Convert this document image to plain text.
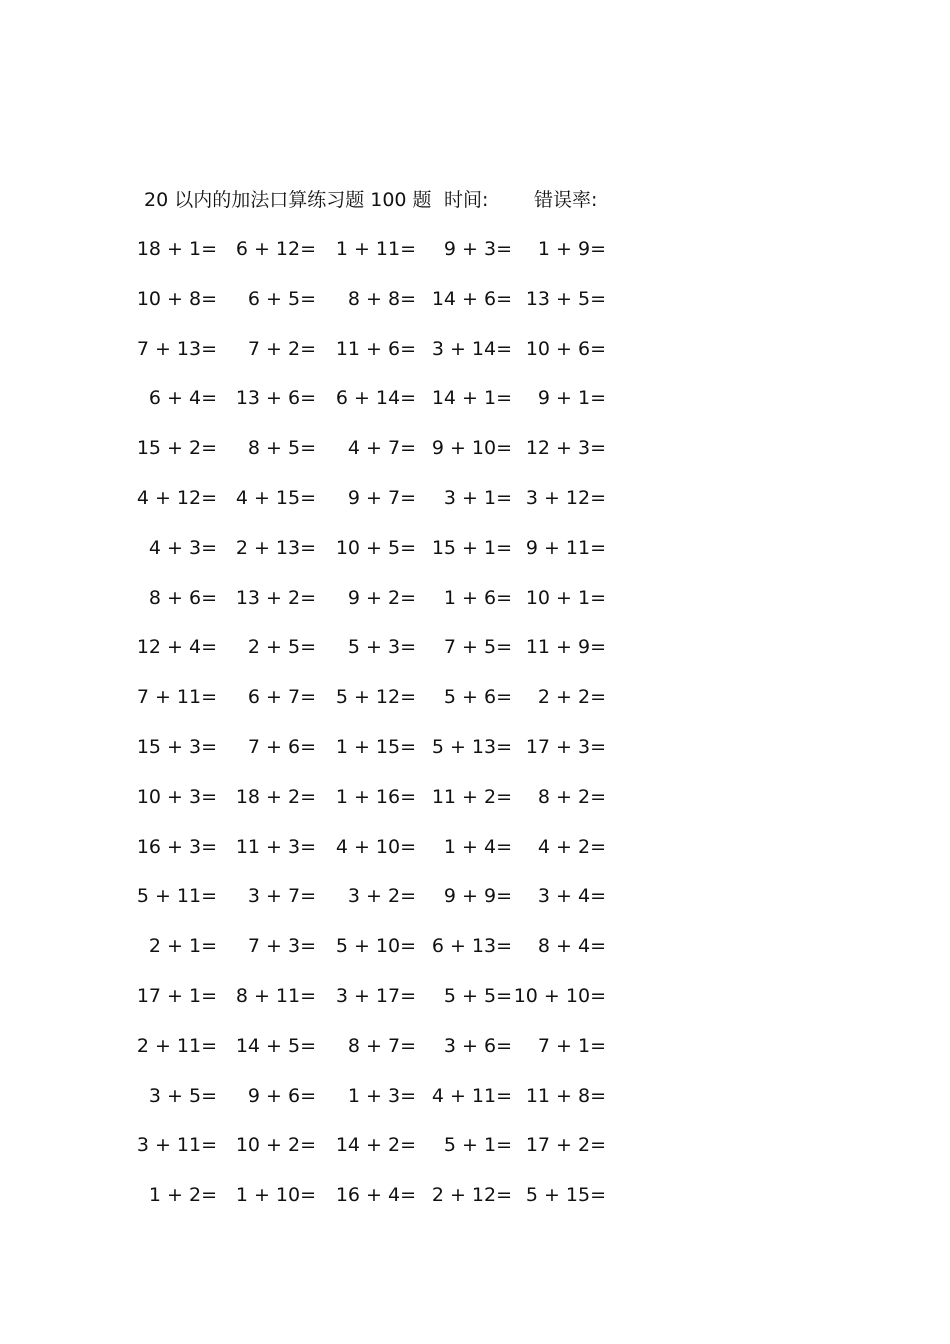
20 以内的加法口算练习题 100 题 时间: 错误率:
18 + 1= 6 + 12= 1 + 11= 9 + 3= 1 + 9=
10 + 8= 6 + 5= 8 + 8= 14 + 6= 13 + 5=
7 + 13= 7 + 2= 11 + 6= 3 + 14= 10 + 6=
6 + 4= 13 + 6= 6 + 14= 14 + 1= 9 + 1=
15 + 2= 8 + 5= 4 + 7= 9 + 10= 12 + 3=
4 + 12= 4 + 15= 9 + 7= 3 + 1= 3 + 12=
4 + 3= 2 + 13= 10 + 5= 15 + 1= 9 + 11=
8 + 6= 13 + 2= 9 + 2= 1 + 6= 10 + 1=
12 + 4= 2 + 5= 5 + 3= 7 + 5= 11 + 9=
7 + 11= 6 + 7= 5 + 12= 5 + 6= 2 + 2=
15 + 3= 7 + 6= 1 + 15= 5 + 13= 17 + 3=
10 + 3= 18 + 2= 1 + 16= 11 + 2= 8 + 2=
16 + 3= 11 + 3= 4 + 10= 1 + 4= 4 + 2=
5 + 11= 3 + 7= 3 + 2= 9 + 9= 3 + 4=
2 + 1= 7 + 3= 5 + 10= 6 + 13= 8 + 4=
17 + 1= 8 + 11= 3 + 17= 5 + 5= 10 + 10=
2 + 11= 14 + 5= 8 + 7= 3 + 6= 7 + 1=
3 + 5= 9 + 6= 1 + 3= 4 + 11= 11 + 8=
3 + 11= 10 + 2= 14 + 2= 5 + 1= 17 + 2=
1 + 2= 1 + 10= 16 + 4= 2 + 12= 5 + 15=
